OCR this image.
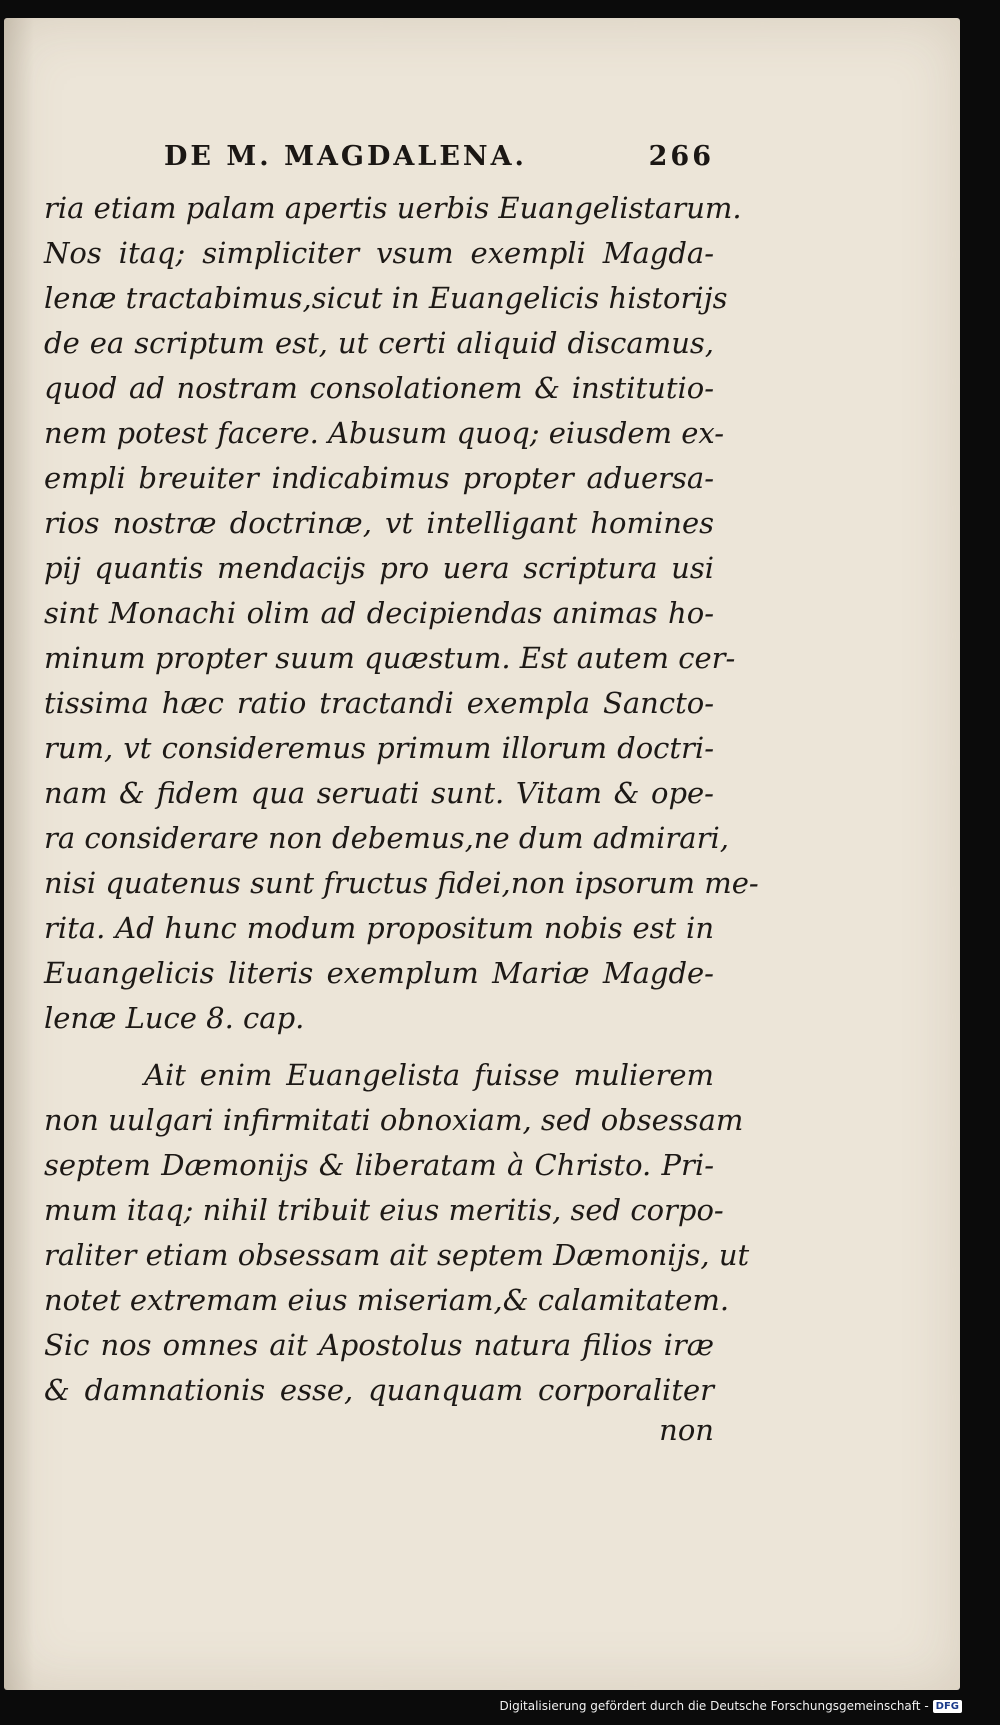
DE M. MAGDALENA.	266
ria etiam palam apertis uerbis Euangelistarum.
Nos itaq; simpliciter vsum exempli Magda-
lenæ tractabimus,sicut in Euangelicis historijs
de ea scriptum est, ut certi aliquid discamus,
quod ad nostram consolationem & institutio-
nem potest facere. Abusum quoq; eiusdem ex-
empli breuiter indicabimus propter aduersa-
rios nostræ doctrinæ, vt intelligant homines
pij quantis mendacijs pro uera scriptura usi
sint Monachi olim ad decipiendas animas ho-
minum propter suum quæstum. Est autem cer-
tissima hæc ratio tractandi exempla Sancto-
rum, vt consideremus primum illorum doctri-
nam & fidem qua seruati sunt. Vitam & ope-
ra considerare non debemus,ne dum admirari,
nisi quatenus sunt fructus fidei,non ipsorum me-
rita. Ad hunc modum propositum nobis est in
Euangelicis literis exemplum Mariæ Magde-
lenæ Luce 8. cap.
Ait enim Euangelista fuisse mulierem
non uulgari infirmitati obnoxiam, sed obsessam
septem Dæmonijs & liberatam à Christo. Pri-
mum itaq; nihil tribuit eius meritis, sed corpo-
raliter etiam obsessam ait septem Dæmonijs, ut
notet extremam eius miseriam,& calamitatem.
Sic nos omnes ait Apostolus natura filios iræ
& damnationis esse, quanquam corporaliter
non
Digitalisierung gefördert durch die Deutsche Forschungsgemeinschaft - DFG
